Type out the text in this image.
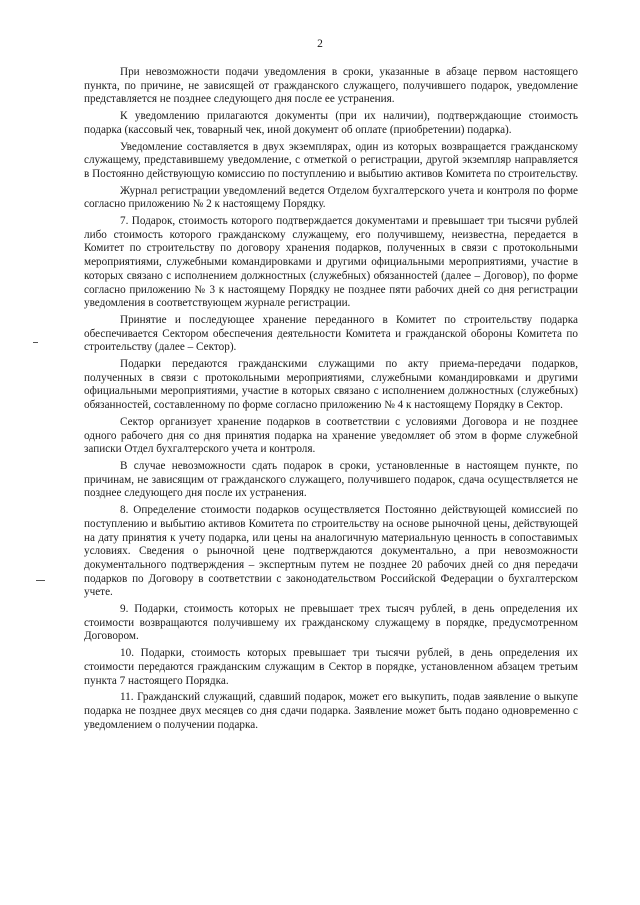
2

При невозможности подачи уведомления в сроки, указанные в абзаце первом настоящего пункта, по причине, не зависящей от гражданского служащего, получившего подарок, уведомление представляется не позднее следующего дня после ее устранения.

К уведомлению прилагаются документы (при их наличии), подтверждающие стоимость подарка (кассовый чек, товарный чек, иной документ об оплате (приобретении) подарка).

Уведомление составляется в двух экземплярах, один из которых возвращается гражданскому служащему, представившему уведомление, с отметкой о регистрации, другой экземпляр направляется в Постоянно действующую комиссию по поступлению и выбытию активов Комитета по строительству.

Журнал регистрации уведомлений ведется Отделом бухгалтерского учета и контроля по форме согласно приложению № 2 к настоящему Порядку.

7. Подарок, стоимость которого подтверждается документами и превышает три тысячи рублей либо стоимость которого гражданскому служащему, его получившему, неизвестна, передается в Комитет по строительству по договору хранения подарков, полученных в связи с протокольными мероприятиями, служебными командировками и другими официальными мероприятиями, участие в которых связано с исполнением должностных (служебных) обязанностей (далее – Договор), по форме согласно приложению № 3 к настоящему Порядку не позднее пяти рабочих дней со дня регистрации уведомления в соответствующем журнале регистрации.

Принятие и последующее хранение переданного в Комитет по строительству подарка обеспечивается Сектором обеспечения деятельности Комитета и гражданской обороны Комитета по строительству (далее – Сектор).

Подарки передаются гражданскими служащими по акту приема-передачи подарков, полученных в связи с протокольными мероприятиями, служебными командировками и другими официальными мероприятиями, участие в которых связано с исполнением должностных (служебных) обязанностей, составленному по форме согласно приложению № 4 к настоящему Порядку в Сектор.

Сектор организует хранение подарков в соответствии с условиями Договора и не позднее одного рабочего дня со дня принятия подарка на хранение уведомляет об этом в форме служебной записки Отдел бухгалтерского учета и контроля.

В случае невозможности сдать подарок в сроки, установленные в настоящем пункте, по причинам, не зависящим от гражданского служащего, получившего подарок, сдача осуществляется не позднее следующего дня после их устранения.

8. Определение стоимости подарков осуществляется Постоянно действующей комиссией по поступлению и выбытию активов Комитета по строительству на основе рыночной цены, действующей на дату принятия к учету подарка, или цены на аналогичную материальную ценность в сопоставимых условиях. Сведения о рыночной цене подтверждаются документально, а при невозможности документального подтверждения – экспертным путем не позднее 20 рабочих дней со дня передачи подарков по Договору в соответствии с законодательством Российской Федерации о бухгалтерском учете.

9. Подарки, стоимость которых не превышает трех тысяч рублей, в день определения их стоимости возвращаются получившему их гражданскому служащему в порядке, предусмотренном Договором.

10. Подарки, стоимость которых превышает три тысячи рублей, в день определения их стоимости передаются гражданским служащим в Сектор в порядке, установленном абзацем третьим пункта 7 настоящего Порядка.

11. Гражданский служащий, сдавший подарок, может его выкупить, подав заявление о выкупе подарка не позднее двух месяцев со дня сдачи подарка. Заявление может быть подано одновременно с уведомлением о получении подарка.
